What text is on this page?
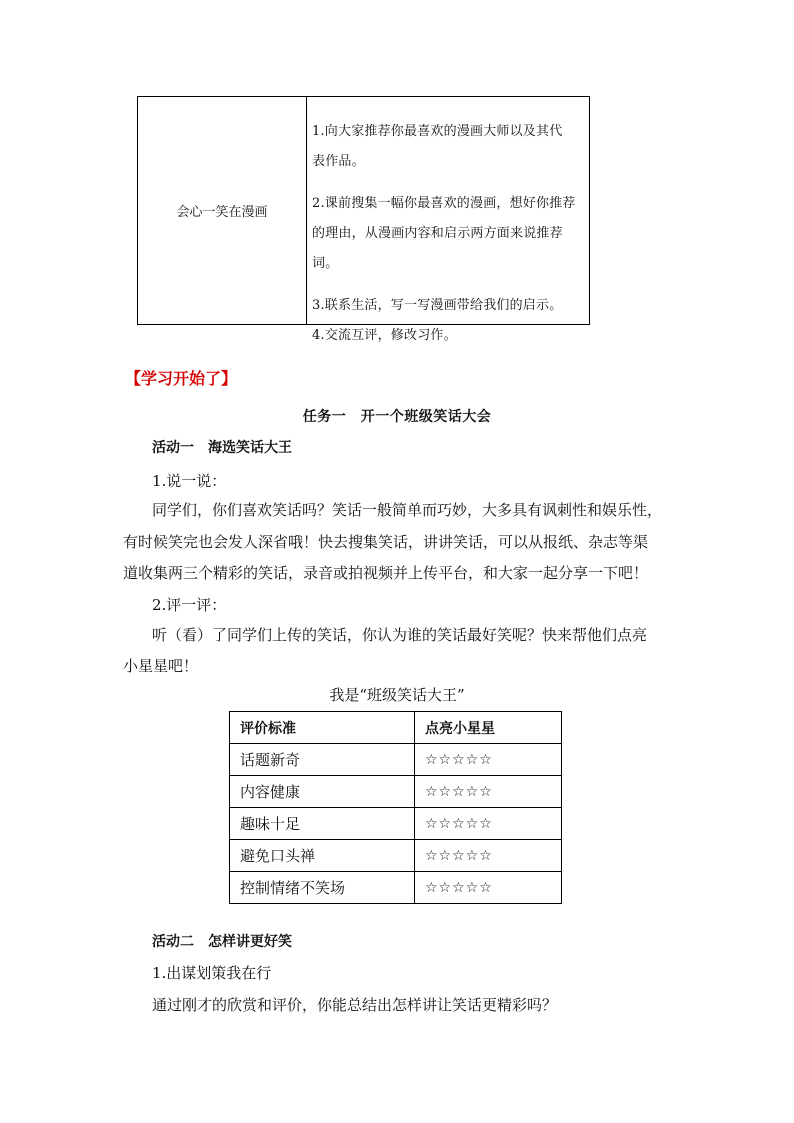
会心一笑在漫画

1.向大家推荐你最喜欢的漫画大师以及其代

表作品。

2.课前搜集一幅你最喜欢的漫画，想好你推荐

的理由，从漫画内容和启示两方面来说推荐词。

3.联系生活，写一写漫画带给我们的启示。

4.交流互评，修改习作。

【学习开始了】
任务一　开一个班级笑话大会
活动一　海选笑话大王
1.说一说：
同学们，你们喜欢笑话吗？笑话一般简单而巧妙，大多具有讽刺性和娱乐性，
有时候笑完也会发人深省哦！快去搜集笑话，讲讲笑话，可以从报纸、杂志等渠
道收集两三个精彩的笑话，录音或拍视频并上传平台，和大家一起分享一下吧！
2.评一评：
听（看）了同学们上传的笑话，你认为谁的笑话最好笑呢？快来帮他们点亮
小星星吧！
我是“班级笑话大王”
评价标准	点亮小星星
话题新奇	☆☆☆☆☆
内容健康	☆☆☆☆☆
趣味十足	☆☆☆☆☆
避免口头禅	☆☆☆☆☆
控制情绪不笑场	☆☆☆☆☆
活动二　怎样讲更好笑
1.出谋划策我在行
通过刚才的欣赏和评价，你能总结出怎样讲让笑话更精彩吗？
